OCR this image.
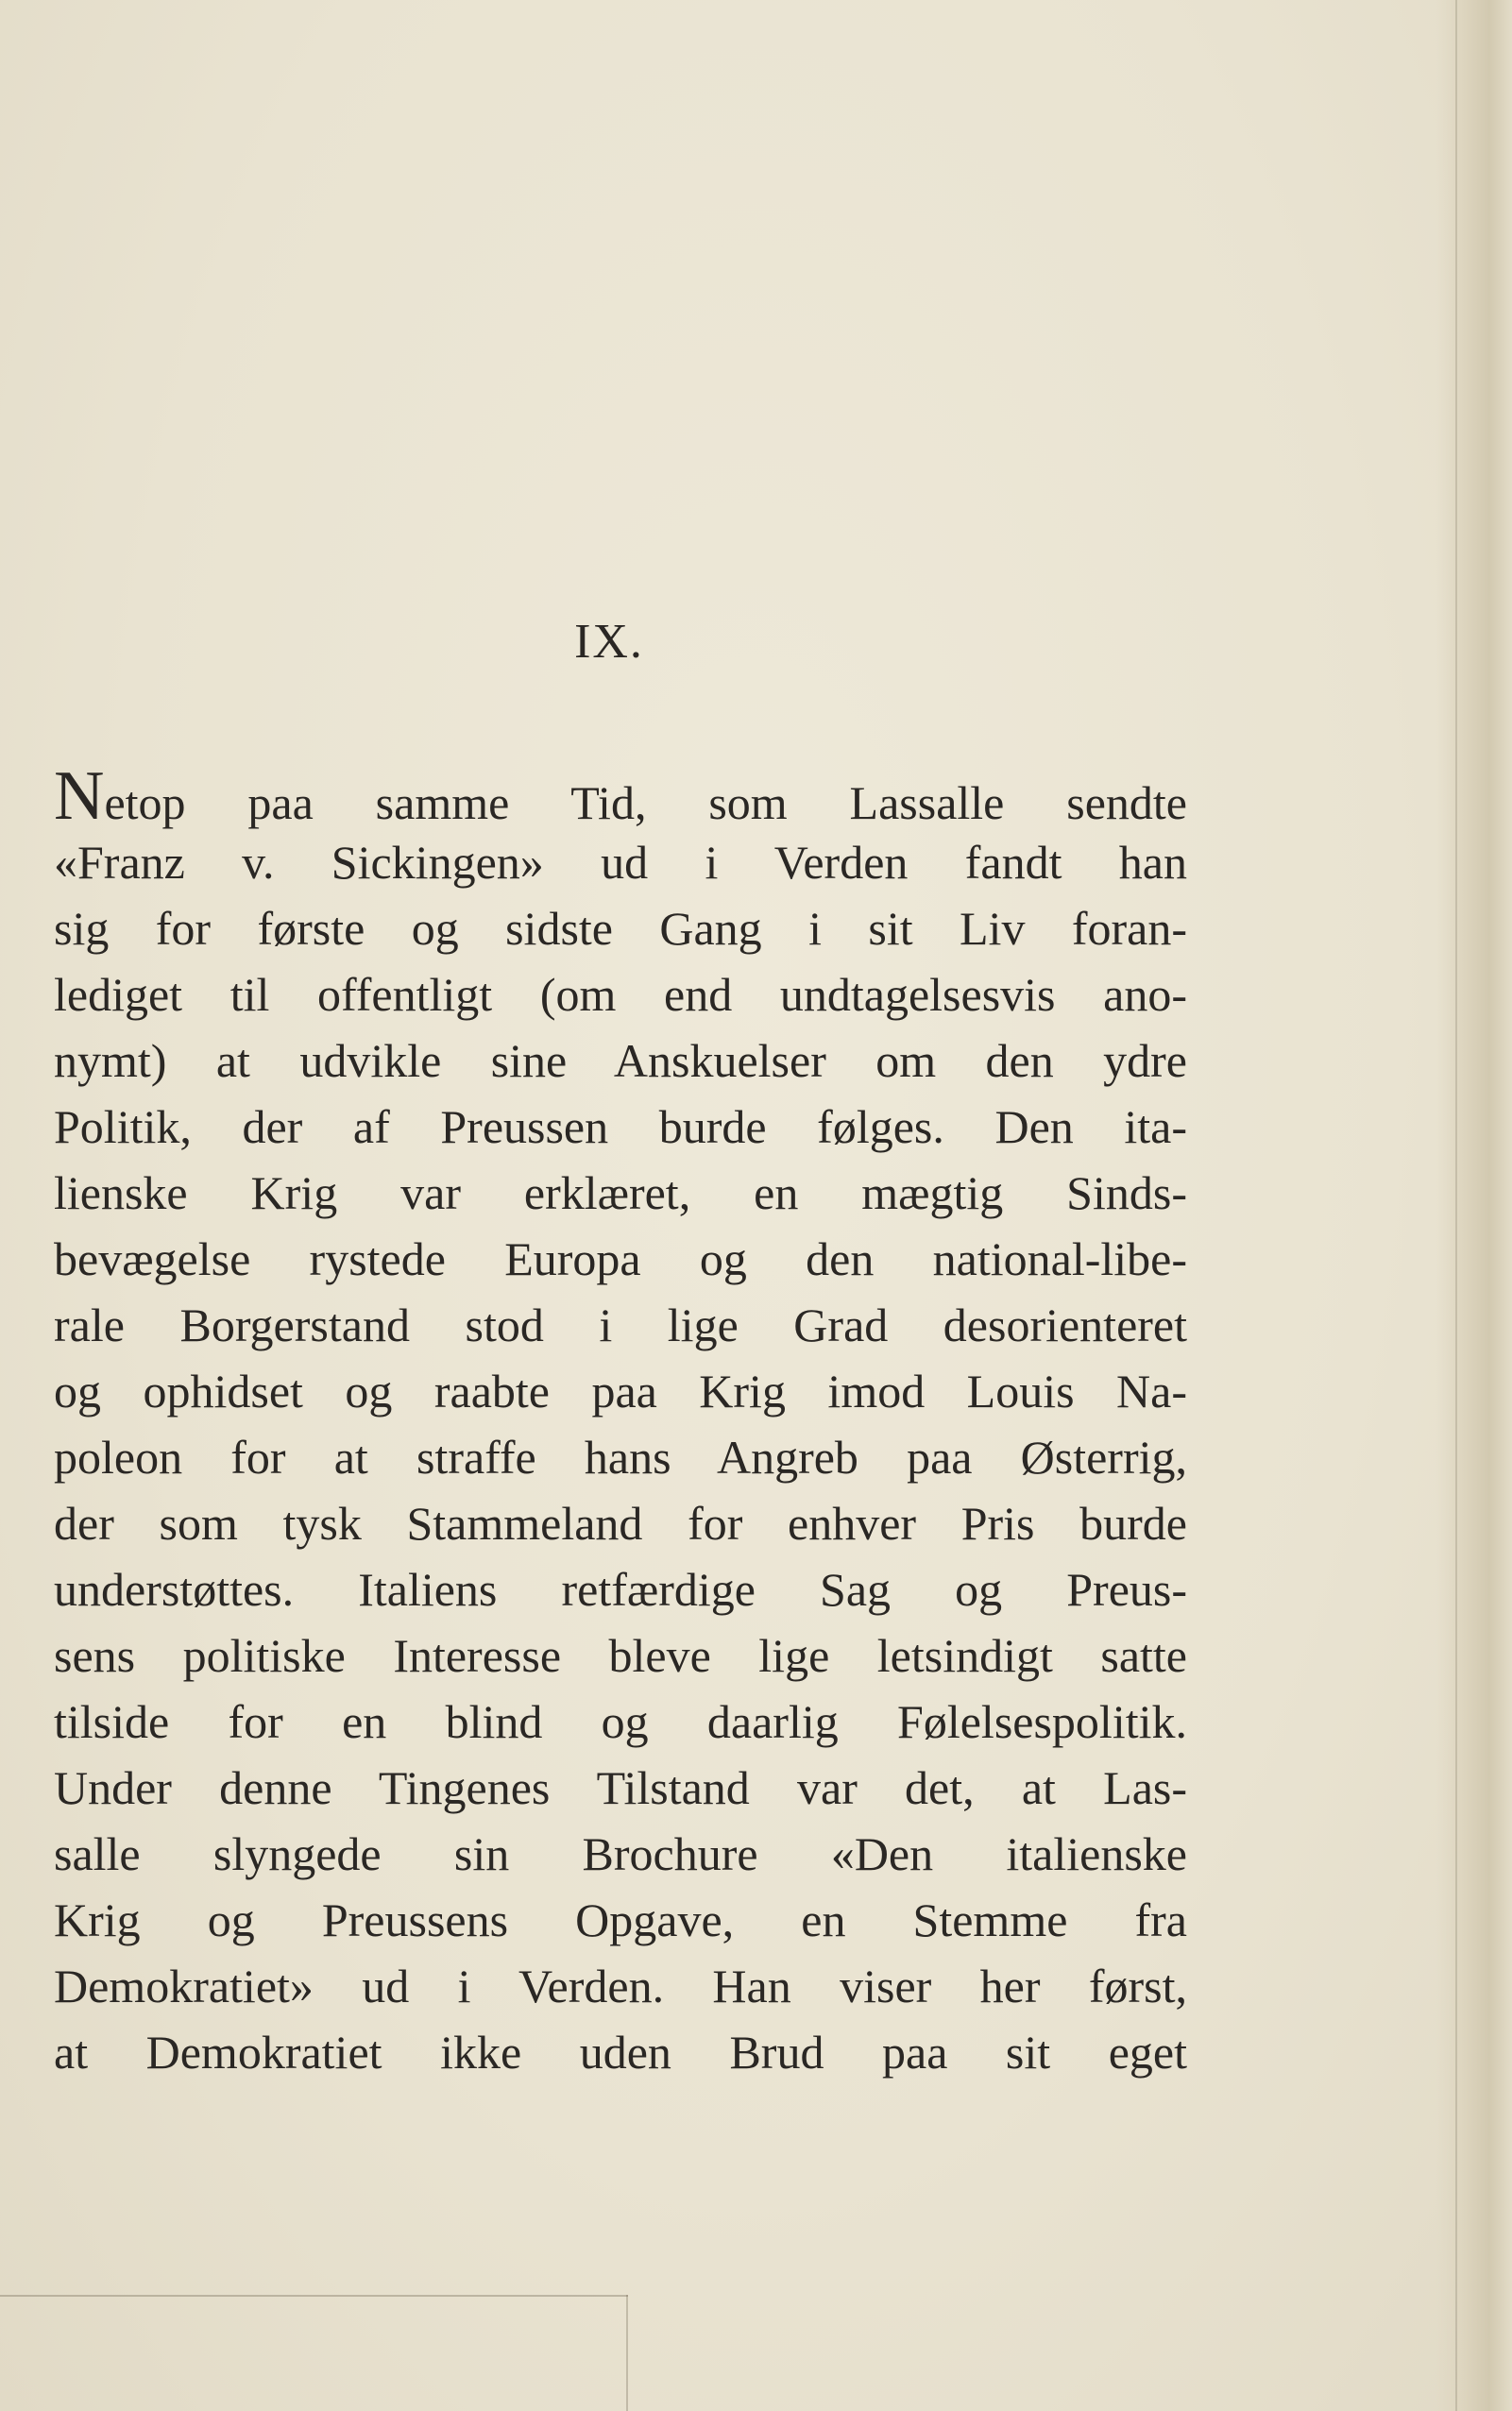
IX.
Netop paa samme Tid, som Lassalle sendte
«Franz v. Sickingen» ud i Verden fandt han
sig for første og sidste Gang i sit Liv foran-
lediget til offentligt (om end undtagelsesvis ano-
nymt) at udvikle sine Anskuelser om den ydre
Politik, der af Preussen burde følges. Den ita-
lienske Krig var erklæret, en mægtig Sinds-
bevægelse rystede Europa og den national-libe-
rale Borgerstand stod i lige Grad desorienteret
og ophidset og raabte paa Krig imod Louis Na-
poleon for at straffe hans Angreb paa Østerrig,
der som tysk Stammeland for enhver Pris burde
understøttes. Italiens retfærdige Sag og Preus-
sens politiske Interesse bleve lige letsindigt satte
tilside for en blind og daarlig Følelsespolitik.
Under denne Tingenes Tilstand var det, at Las-
salle slyngede sin Brochure «Den italienske
Krig og Preussens Opgave, en Stemme fra
Demokratiet» ud i Verden. Han viser her først,
at Demokratiet ikke uden Brud paa sit eget
